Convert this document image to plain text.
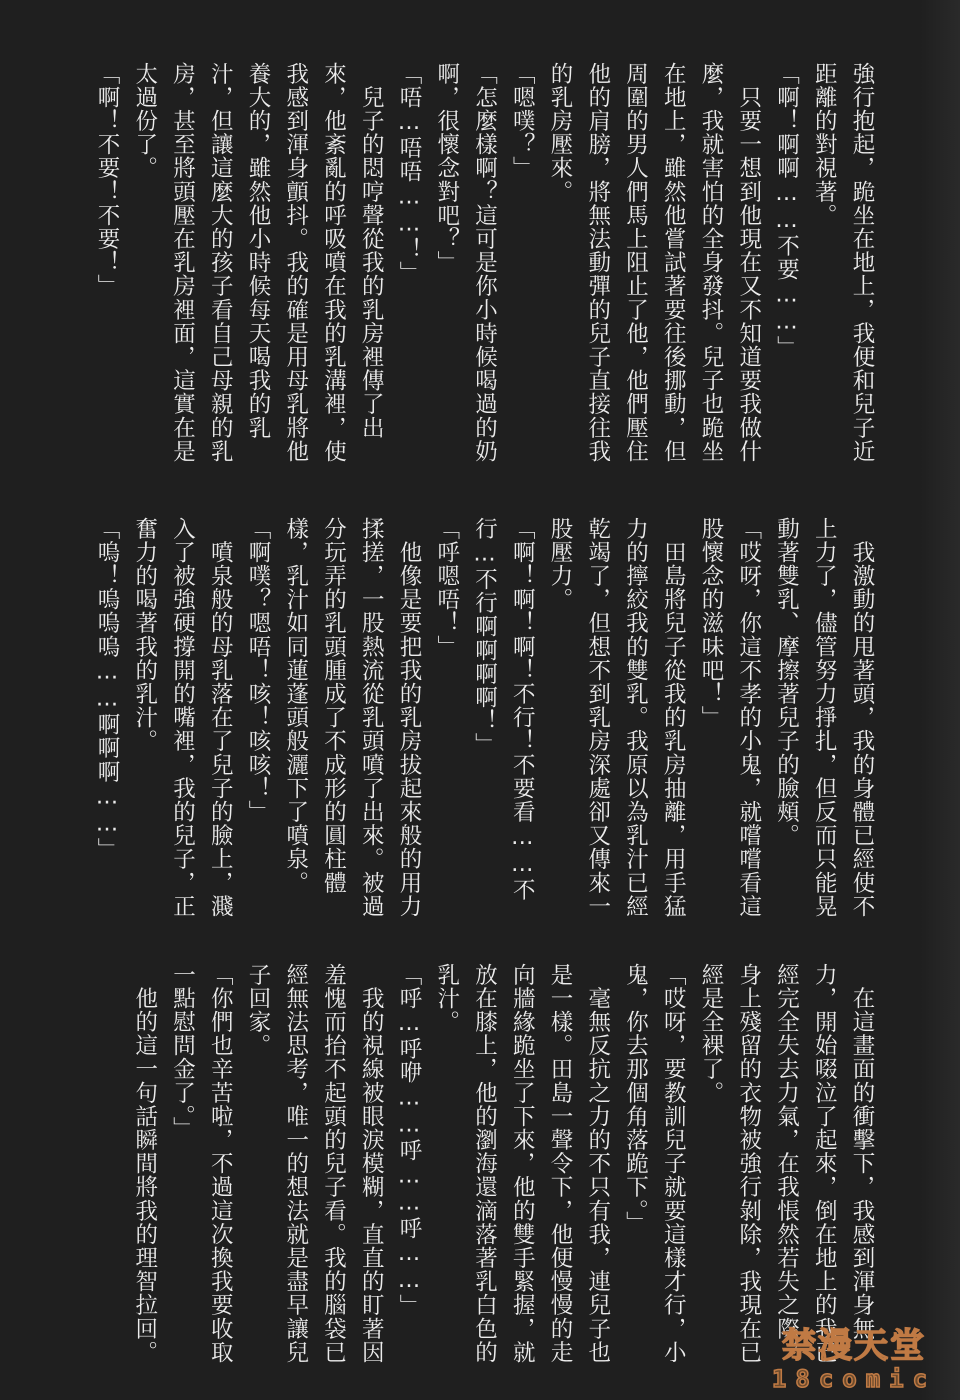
強行抱起，跪坐在地上，我便和兒子近
距離的對視著。
「啊！啊啊……不要……」
　只要一想到他現在又不知道要我做什
麼，我就害怕的全身發抖。兒子也跪坐
在地上，雖然他嘗試著要往後挪動，但
周圍的男人們馬上阻止了他，他們壓住
他的肩膀，將無法動彈的兒子直接往我
的乳房壓來。
「嗯噗？」
「怎麼樣啊？這可是你小時候喝過的奶
啊，很懷念對吧？」
「唔…唔唔……！」
　兒子的悶哼聲從我的乳房裡傳了出
來，他紊亂的呼吸噴在我的乳溝裡，使
我感到渾身顫抖。我的確是用母乳將他
養大的，雖然他小時候每天喝我的乳
汁，但讓這麼大的孩子看自己母親的乳
房，甚至將頭壓在乳房裡面，這實在是
太過份了。
「啊！不要！不要！」
　我激動的甩著頭，我的身體已經使不
上力了，儘管努力掙扎，但反而只能晃
動著雙乳、摩擦著兒子的臉頰。
「哎呀，你這不孝的小鬼，就嚐嚐看這
股懷念的滋味吧！」
　田島將兒子從我的乳房抽離，用手猛
力的擰絞我的雙乳。我原以為乳汁已經
乾竭了，但想不到乳房深處卻又傳來一
股壓力。
「啊！啊！啊！不行！不要看……不
行…不行啊啊啊啊！」
「呼嗯唔！」
　他像是要把我的乳房拔起來般的用力
揉搓，一股熱流從乳頭噴了出來。被過
分玩弄的乳頭腫成了不成形的圓柱體
樣，乳汁如同蓮蓬頭般灑下了噴泉。
「啊噗？嗯唔！咳！咳咳！」
　噴泉般的母乳落在了兒子的臉上，濺
入了被強硬撐開的嘴裡，我的兒子，正
奮力的喝著我的乳汁。
「嗚！嗚嗚嗚……啊啊啊……」
　在這畫面的衝擊下，我感到渾身無
力，開始啜泣了起來，倒在地上的我已
經完全失去力氣，在我悵然若失之際，
身上殘留的衣物被強行剝除，我現在已
經是全裸了。
「哎呀，要教訓兒子就要這樣才行，小
鬼，你去那個角落跪下。」
　毫無反抗之力的不只有我，連兒子也
是一樣。田島一聲令下，他便慢慢的走
向牆緣跪坐了下來，他的雙手緊握，就
放在膝上，他的瀏海還滴落著乳白色的
乳汁。
「呼…呼咿……呼……呼……」
　我的視線被眼淚模糊，直直的盯著因
羞愧而抬不起頭的兒子看。我的腦袋已
經無法思考，唯一的想法就是盡早讓兒
子回家。
「你們也辛苦啦，不過這次換我要收取
一點慰問金了。」
　他的這一句話瞬間將我的理智拉回。	禁漫天堂
18comic
